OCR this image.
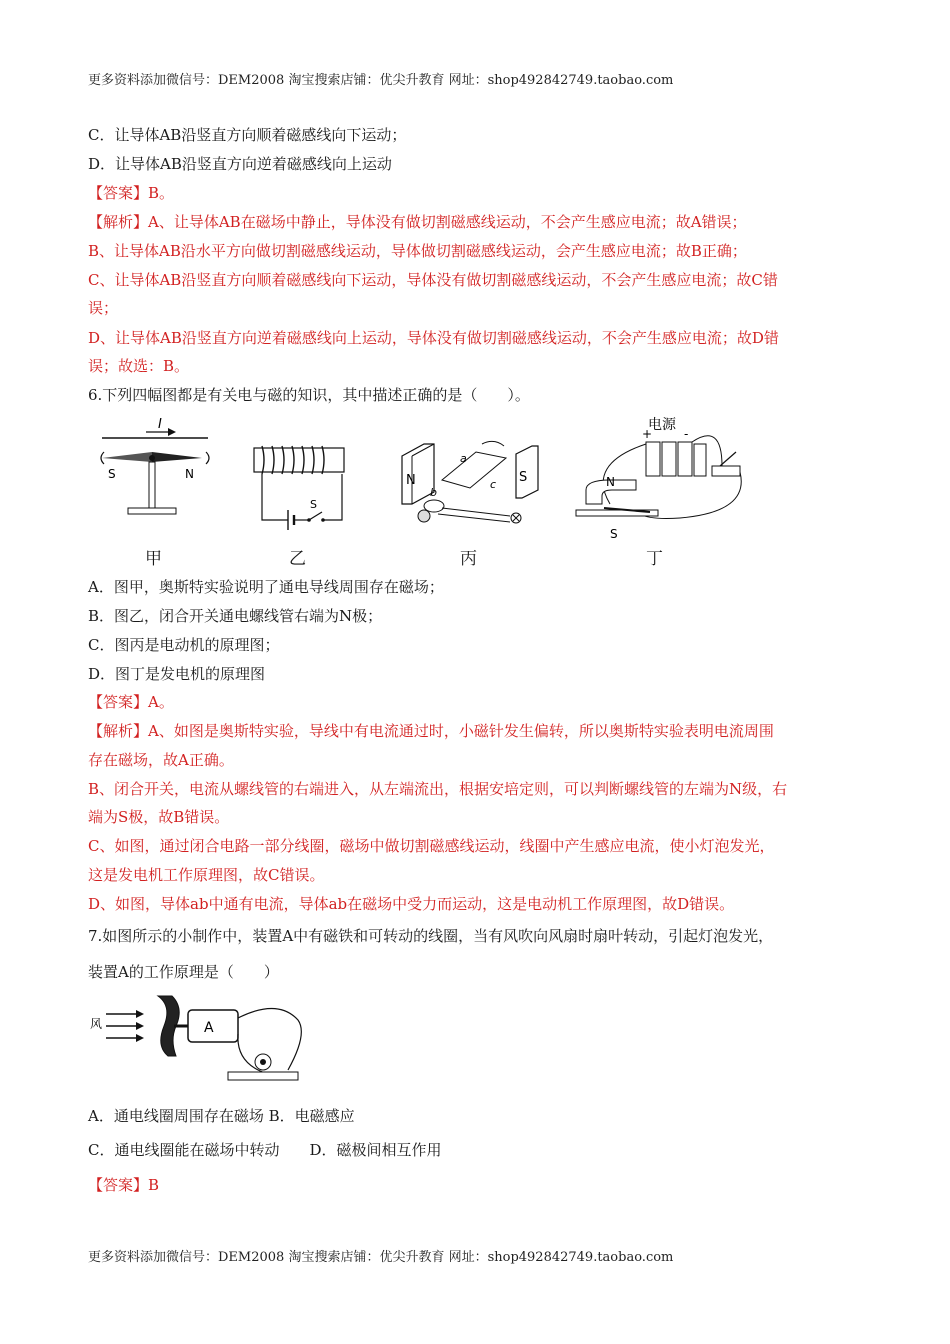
更多资料添加微信号：DEM2008 淘宝搜索店铺：优尖升教育 网址：shop492842749.taobao.com
C．让导体AB沿竖直方向顺着磁感线向下运动；
D．让导体AB沿竖直方向逆着磁感线向上运动
【答案】B。
【解析】A、让导体AB在磁场中静止，导体没有做切割磁感线运动，不会产生感应电流；故A错误；
B、让导体AB沿水平方向做切割磁感线运动，导体做切割磁感线运动，会产生感应电流；故B正确；
C、让导体AB沿竖直方向顺着磁感线向下运动，导体没有做切割磁感线运动，不会产生感应电流；故C错
误；
D、让导体AB沿竖直方向逆着磁感线向上运动，导体没有做切割磁感线运动，不会产生感应电流；故D错
误；故选：B。
6.下列四幅图都是有关电与磁的知识，其中描述正确的是（　　）。
I
S	N
甲
S
乙
N	S
a
b
c
丙
电源
+	-
N
S
丁
A．图甲，奥斯特实验说明了通电导线周围存在磁场；
B．图乙，闭合开关通电螺线管右端为N极；
C．图丙是电动机的原理图；
D．图丁是发电机的原理图
【答案】A。
【解析】A、如图是奥斯特实验，导线中有电流通过时，小磁针发生偏转，所以奥斯特实验表明电流周围
存在磁场，故A正确。
B、闭合开关，电流从螺线管的右端进入，从左端流出，根据安培定则，可以判断螺线管的左端为N级，右
端为S极，故B错误。
C、如图，通过闭合电路一部分线圈，磁场中做切割磁感线运动，线圈中产生感应电流，使小灯泡发光，
这是发电机工作原理图，故C错误。
D、如图，导体ab中通有电流，导体ab在磁场中受力而运动，这是电动机工作原理图，故D错误。
7.如图所示的小制作中，装置A中有磁铁和可转动的线圈，当有风吹向风扇时扇叶转动，引起灯泡发光，
装置A的工作原理是（　　）
风	A
A．通电线圈周围存在磁场 B．电磁感应
C．通电线圈能在磁场中转动　　D．磁极间相互作用
【答案】B
更多资料添加微信号：DEM2008 淘宝搜索店铺：优尖升教育 网址：shop492842749.taobao.com
